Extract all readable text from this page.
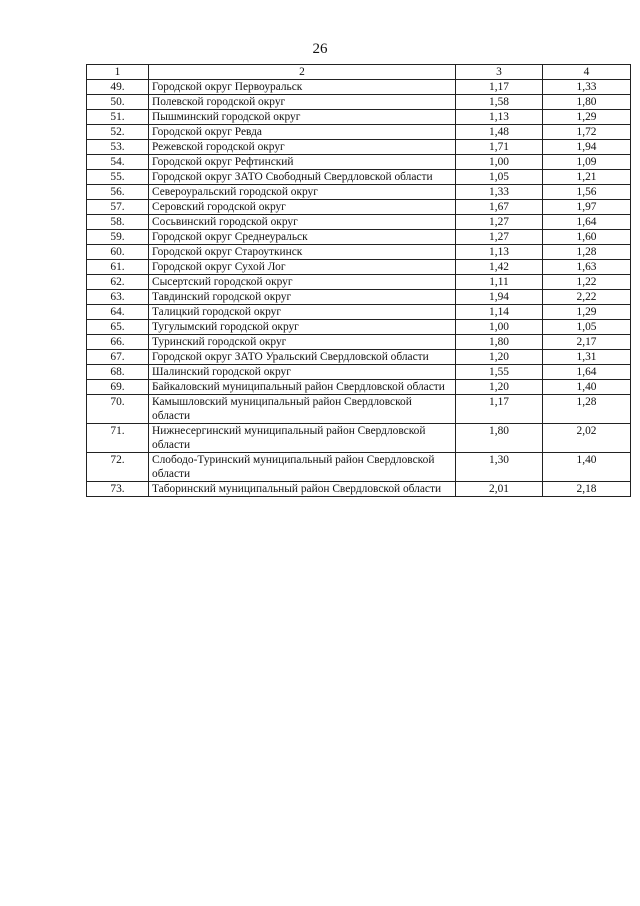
26
1	2	3	4
49.	Городской округ Первоуральск	1,17	1,33
50.	Полевской городской округ	1,58	1,80
51.	Пышминский городской округ	1,13	1,29
52.	Городской округ Ревда	1,48	1,72
53.	Режевской городской округ	1,71	1,94
54.	Городской округ Рефтинский	1,00	1,09
55.	Городской округ ЗАТО Свободный Свердловской области	1,05	1,21
56.	Североуральский городской округ	1,33	1,56
57.	Серовский городской округ	1,67	1,97
58.	Сосьвинский городской округ	1,27	1,64
59.	Городской округ Среднеуральск	1,27	1,60
60.	Городской округ Староуткинск	1,13	1,28
61.	Городской округ Сухой Лог	1,42	1,63
62.	Сысертский городской округ	1,11	1,22
63.	Тавдинский городской округ	1,94	2,22
64.	Талицкий городской округ	1,14	1,29
65.	Тугулымский городской округ	1,00	1,05
66.	Туринский городской округ	1,80	2,17
67.	Городской округ ЗАТО Уральский Свердловской области	1,20	1,31
68.	Шалинский городской округ	1,55	1,64
69.	Байкаловский муниципальный район Свердловской области	1,20	1,40
70.	Камышловский муниципальный район Свердловской области	1,17	1,28
71.	Нижнесергинский муниципальный район Свердловской области	1,80	2,02
72.	Слободо-Туринский муниципальный район Свердловской области	1,30	1,40
73.	Таборинский муниципальный район Свердловской области	2,01	2,18
